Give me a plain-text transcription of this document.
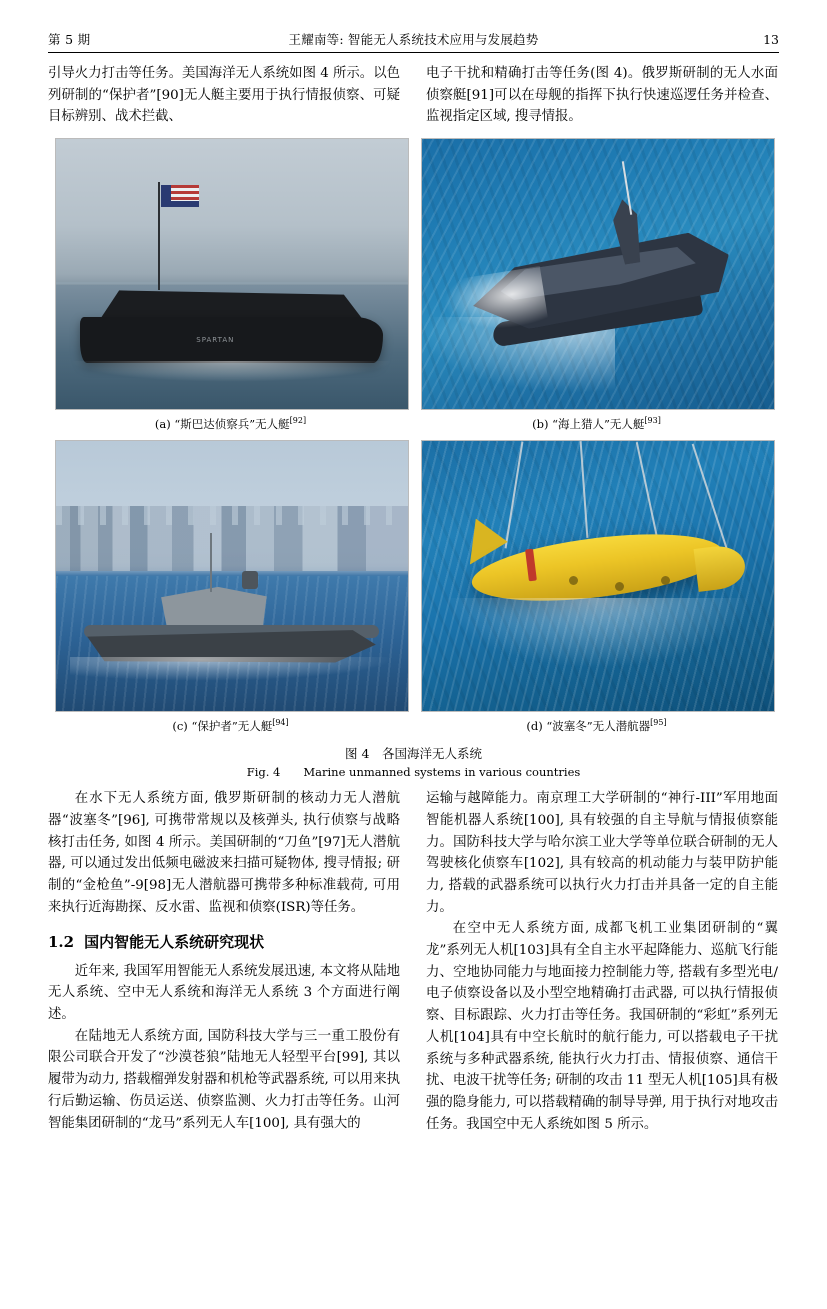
第 5 期	王耀南等: 智能无人系统技术应用与发展趋势	13

引导火力打击等任务。美国海洋无人系统如图 4 所示。以色列研制的“保护者”[90]无人艇主要用于执行情报侦察、可疑目标辨别、战术拦截、

电子干扰和精确打击等任务(图 4)。俄罗斯研制的无人水面侦察艇[91]可以在母舰的指挥下执行快速巡逻任务并检查、监视指定区域, 搜寻情报。

SPARTAN
(a) “斯巴达侦察兵”无人艇[92]	(b) “海上猎人”无人艇[93]
(c) “保护者”无人艇[94]	(d) “波塞冬”无人潜航器[95]
图 4　各国海洋无人系统
Fig. 4　　Marine unmanned systems in various countries

在水下无人系统方面, 俄罗斯研制的核动力无人潜航器“波塞冬”[96], 可携带常规以及核弹头, 执行侦察与战略核打击任务, 如图 4 所示。美国研制的“刀鱼”[97]无人潜航器, 可以通过发出低频电磁波来扫描可疑物体, 搜寻情报; 研制的“金枪鱼”-9[98]无人潜航器可携带多种标准载荷, 可用来执行近海勘探、反水雷、监视和侦察(ISR)等任务。

1.2 国内智能无人系统研究现状

近年来, 我国军用智能无人系统发展迅速, 本文将从陆地无人系统、空中无人系统和海洋无人系统 3 个方面进行阐述。

在陆地无人系统方面, 国防科技大学与三一重工股份有限公司联合开发了“沙漠苍狼”陆地无人轻型平台[99], 其以履带为动力, 搭载榴弹发射器和机枪等武器系统, 可以用来执行后勤运输、伤员运送、侦察监测、火力打击等任务。山河智能集团研制的“龙马”系列无人车[100], 具有强大的

运输与越障能力。南京理工大学研制的“神行-III”军用地面智能机器人系统[100], 具有较强的自主导航与情报侦察能力。国防科技大学与哈尔滨工业大学等单位联合研制的无人驾驶核化侦察车[102], 具有较高的机动能力与装甲防护能力, 搭载的武器系统可以执行火力打击并具备一定的自主能力。

在空中无人系统方面, 成都飞机工业集团研制的“翼龙”系列无人机[103]具有全自主水平起降能力、巡航飞行能力、空地协同能力与地面接力控制能力等, 搭载有多型光电/电子侦察设备以及小型空地精确打击武器, 可以执行情报侦察、目标跟踪、火力打击等任务。我国研制的“彩虹”系列无人机[104]具有中空长航时的航行能力, 可以搭载电子干扰系统与多种武器系统, 能执行火力打击、情报侦察、通信干扰、电波干扰等任务; 研制的攻击 11 型无人机[105]具有极强的隐身能力, 可以搭载精确的制导导弹, 用于执行对地攻击任务。我国空中无人系统如图 5 所示。
